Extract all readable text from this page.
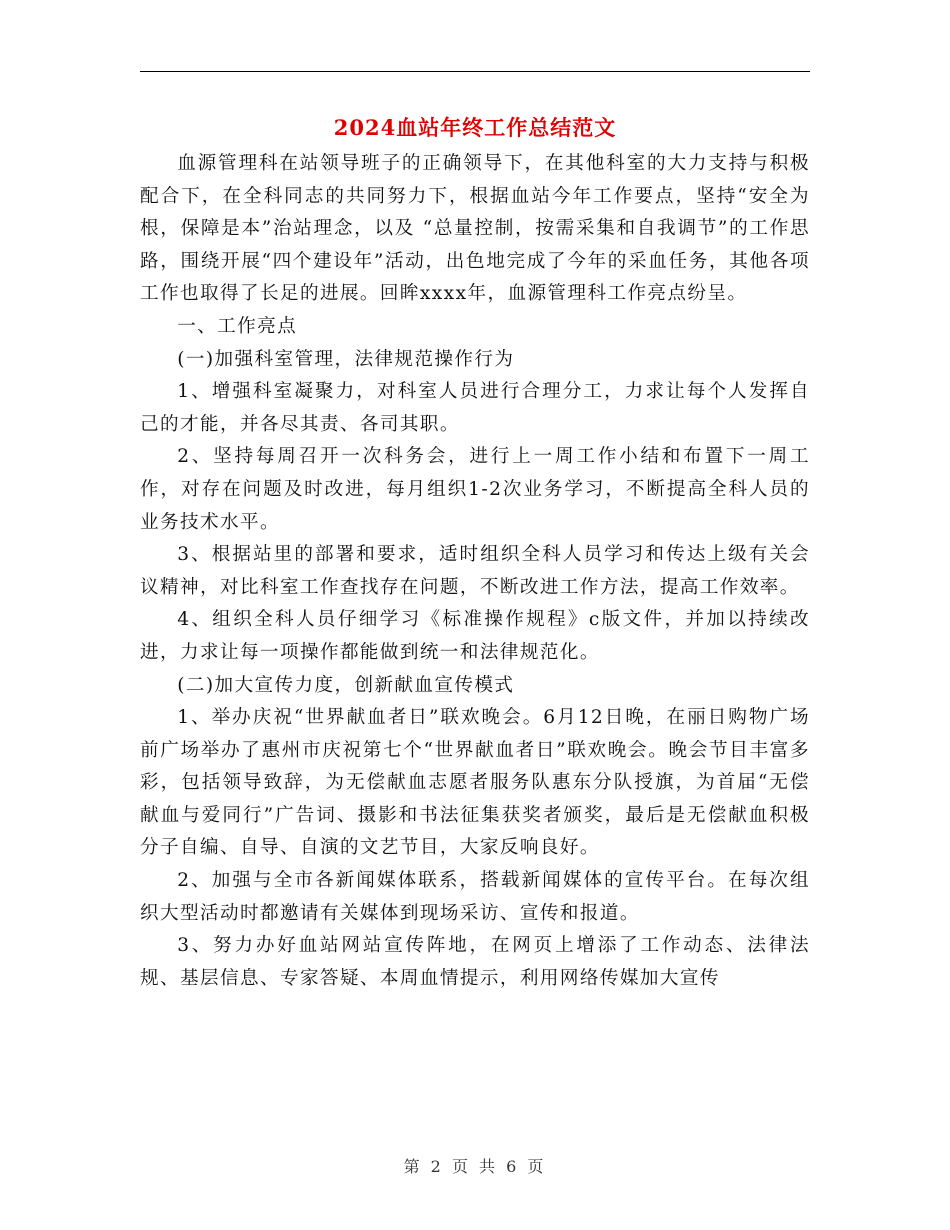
2024血站年终工作总结范文

血源管理科在站领导班子的正确领导下，在其他科室的大力支持与积极配合下，在全科同志的共同努力下，根据血站今年工作要点，坚持“安全为根，保障是本”治站理念，以及 “总量控制，按需采集和自我调节”的工作思路，围绕开展“四个建设年”活动，出色地完成了今年的采血任务，其他各项工作也取得了长足的进展。回眸xxxx年，血源管理科工作亮点纷呈。

一、工作亮点

(一)加强科室管理，法律规范操作行为

1、增强科室凝聚力，对科室人员进行合理分工，力求让每个人发挥自己的才能，并各尽其责、各司其职。

2、坚持每周召开一次科务会，进行上一周工作小结和布置下一周工作，对存在问题及时改进，每月组织1-2次业务学习，不断提高全科人员的业务技术水平。

3、根据站里的部署和要求，适时组织全科人员学习和传达上级有关会议精神，对比科室工作查找存在问题，不断改进工作方法，提高工作效率。

4、组织全科人员仔细学习《标准操作规程》c版文件，并加以持续改进，力求让每一项操作都能做到统一和法律规范化。

(二)加大宣传力度，创新献血宣传模式

1、举办庆祝“世界献血者日”联欢晚会。6月12日晚，在丽日购物广场前广场举办了惠州市庆祝第七个“世界献血者日”联欢晚会。晚会节目丰富多彩，包括领导致辞，为无偿献血志愿者服务队惠东分队授旗，为首届“无偿献血与爱同行”广告词、摄影和书法征集获奖者颁奖，最后是无偿献血积极分子自编、自导、自演的文艺节目，大家反响良好。

2、加强与全市各新闻媒体联系，搭载新闻媒体的宣传平台。在每次组织大型活动时都邀请有关媒体到现场采访、宣传和报道。

3、努力办好血站网站宣传阵地，在网页上增添了工作动态、法律法规、基层信息、专家答疑、本周血情提示，利用网络传媒加大宣传

第 2 页 共 6 页
